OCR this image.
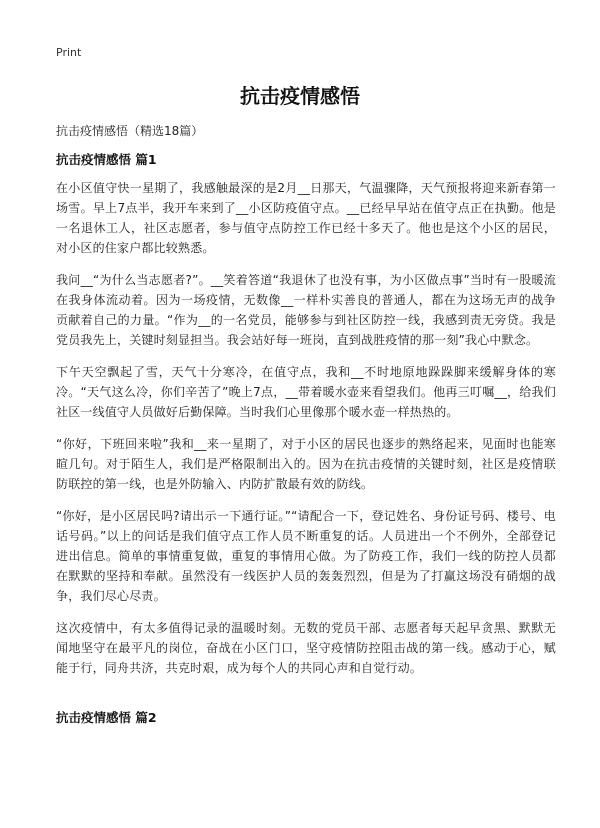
Print
抗击疫情感悟

抗击疫情感悟（精选18篇）

抗击疫情感悟 篇1

在小区值守快一星期了，我感触最深的是2月__日那天，气温骤降，天气预报将迎来新春第一场雪。早上7点半，我开车来到了__小区防疫值守点。__已经早早站在值守点正在执勤。他是一名退休工人，社区志愿者，参与值守点防控工作已经十多天了。他也是这个小区的居民，对小区的住家户都比较熟悉。

我问__“为什么当志愿者?”。__笑着答道“我退休了也没有事，为小区做点事”当时有一股暖流在我身体流动着。因为一场疫情，无数像__一样朴实善良的普通人，都在为这场无声的战争贡献着自己的力量。“作为__的一名党员，能够参与到社区防控一线，我感到责无旁贷。我是党员我先上，关键时刻显担当。我会站好每一班岗，直到战胜疫情的那一刻”我心中默念。

下午天空飘起了雪，天气十分寒冷，在值守点，我和__不时地原地跺跺脚来缓解身体的寒冷。“天气这么冷，你们辛苦了”晚上7点，__带着暖水壶来看望我们。他再三叮嘱__，给我们社区一线值守人员做好后勤保障。当时我们心里像那个暖水壶一样热热的。

“你好，下班回来啦”我和__来一星期了，对于小区的居民也逐步的熟络起来，见面时也能寒暄几句。对于陌生人，我们是严格限制出入的。因为在抗击疫情的关键时刻，社区是疫情联防联控的第一线，也是外防输入、内防扩散最有效的防线。

“你好，是小区居民吗?请出示一下通行证。”“请配合一下，登记姓名、身份证号码、楼号、电话号码。”以上的问话是我们值守点工作人员不断重复的话。人员进出一个不例外，全部登记进出信息。简单的事情重复做，重复的事情用心做。为了防疫工作，我们一线的防控人员都在默默的坚持和奉献。虽然没有一线医护人员的轰轰烈烈，但是为了打赢这场没有硝烟的战争，我们尽心尽责。

这次疫情中，有太多值得记录的温暖时刻。无数的党员干部、志愿者每天起早贪黑、默默无闻地坚守在最平凡的岗位，奋战在小区门口，坚守疫情防控阻击战的第一线。感动于心，赋能于行，同舟共济，共克时艰，成为每个人的共同心声和自觉行动。

抗击疫情感悟 篇2
